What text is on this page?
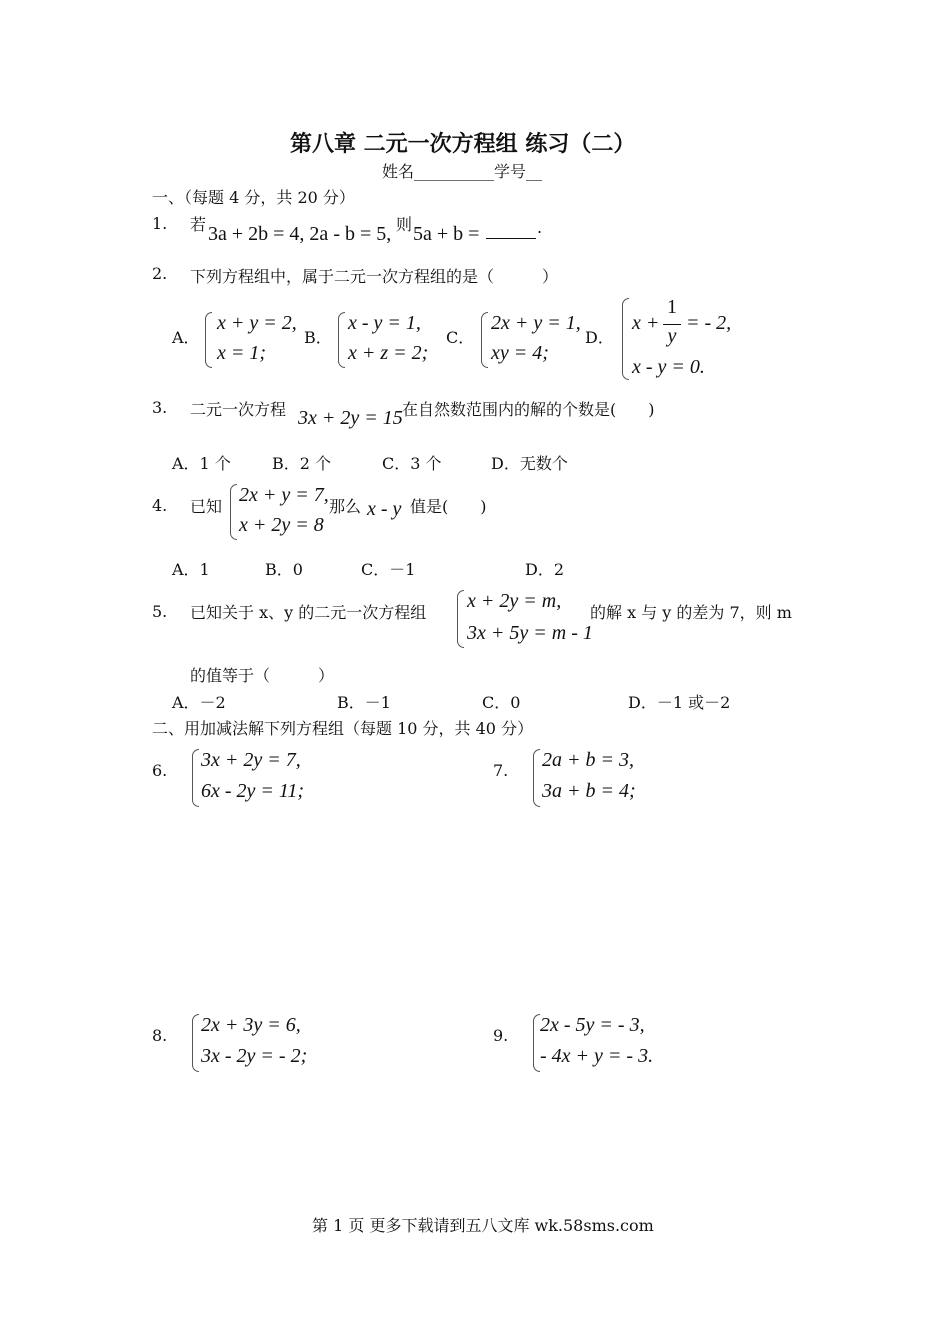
第八章 二元一次方程组 练习（二）
姓名__________学号__
一、（每题 4 分，共 20 分）
1. 若 3a + 2b = 4, 2a - b = 5, 则 5a + b =	.
2. 下列方程组中，属于二元一次方程组的是（　　　）
A．
x + y = 2,
x = 1;
B．
x - y = 1,
x + z = 2;
C．
2x + y = 1,
xy = 4;
D．
x +
1
y
= - 2,
x - y = 0.
3. 二元一次方程 3x + 2y = 15 在自然数范围内的解的个数是(　　)
A．1 个	B．2 个	C．3 个	D．无数个
4. 已知
2x + y = 7,
x + 2y = 8
那么 x - y 值是(　　)
A．1	B．0	C．－1	D．2
5. 已知关于 x、y 的二元一次方程组
x + 2y = m,
3x + 5y = m - 1
的解 x 与 y 的差为 7，则 m
的值等于（　　　）
A．－2	B．－1	C．0	D．－1 或－2
二、用加减法解下列方程组（每题 10 分，共 40 分）
6. 3x + 2y = 7,
6x - 2y = 11;
7. 2a + b = 3,
3a + b = 4;
8. 2x + 3y = 6,
3x - 2y = - 2;
9. 2x - 5y = - 3,
- 4x + y = - 3.
第 1 页 更多下载请到五八文库 wk.58sms.com
